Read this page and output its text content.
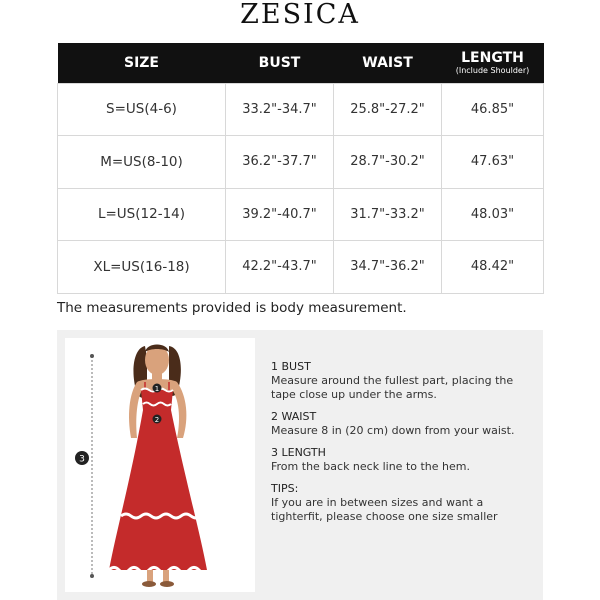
ZESICA
SIZE	BUST	WAIST	LENGTH
(Include Shoulder)

S=US(4-6)	33.2"-34.7"	25.8"-27.2"	46.85"
M=US(8-10)	36.2"-37.7"	28.7"-30.2"	47.63"
L=US(12-14)	39.2"-40.7"	31.7"-33.2"	48.03"
XL=US(16-18)	42.2"-43.7"	34.7"-36.2"	48.42"
The measurements provided is body measurement.
3
1
2
1 BUST
Measure around the fullest part, placing the tape close up under the arms.
2 WAIST
Measure 8 in (20 cm) down from your waist.
3 LENGTH
From the back neck line to the hem.
TIPS:
If you are in between sizes and want a tighterfit, please choose one size smaller
